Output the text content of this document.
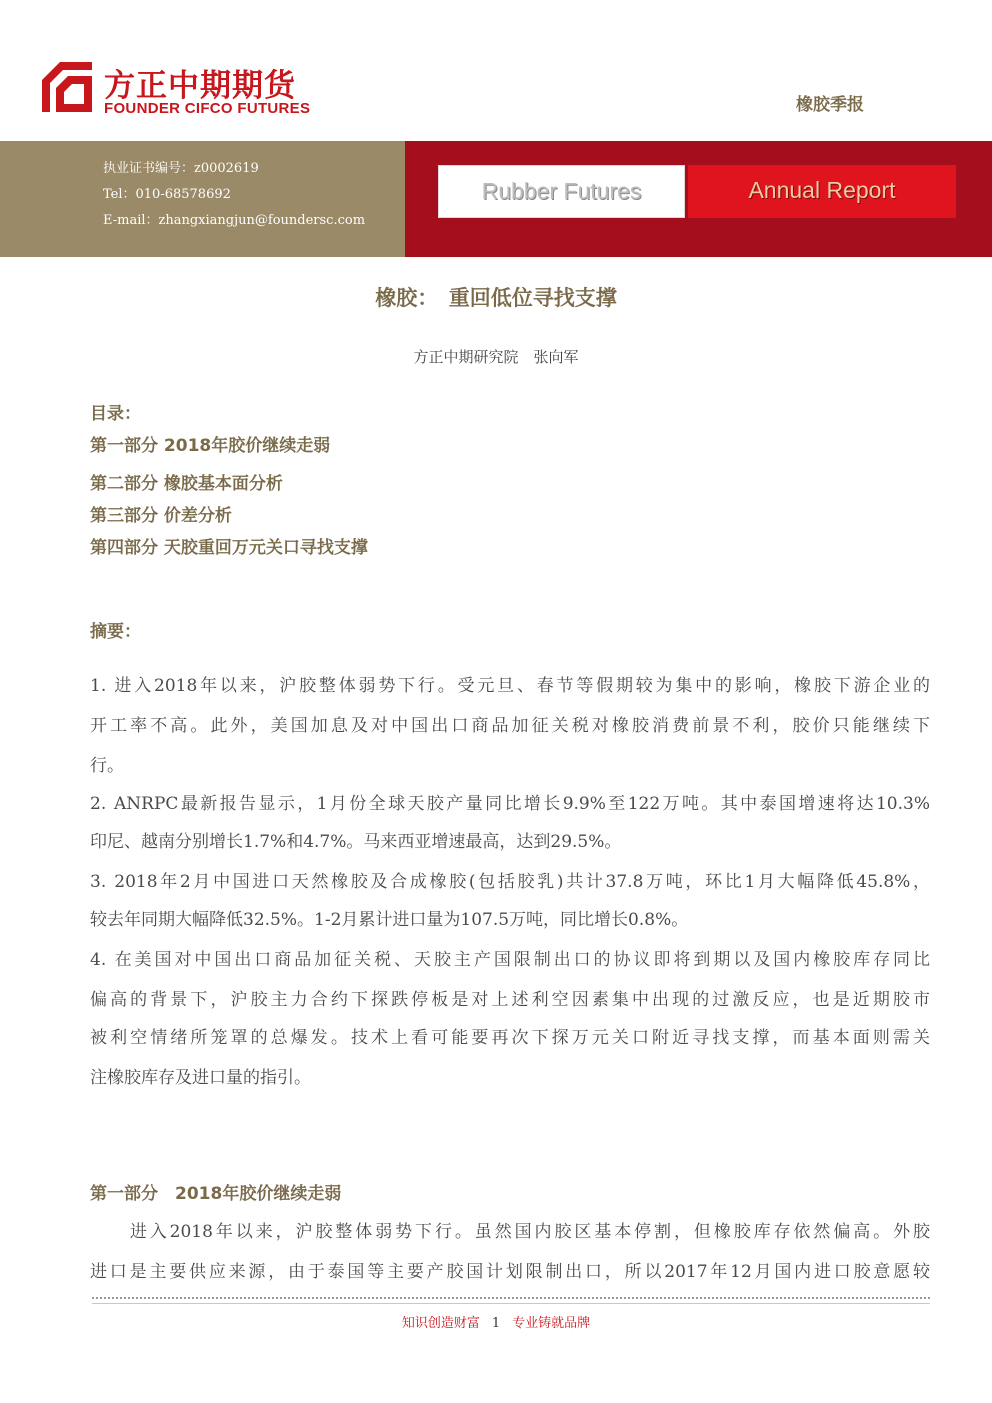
方正中期期货
FOUNDER CIFCO FUTURES	橡胶季报
执业证书编号：z0002619
Tel：010-68578692
E-mail：zhangxiangjun@foundersc.com
Rubber Futures	Annual Report
橡胶：　重回低位寻找支撑
方正中期研究院　张向军
目录：
第一部分 2018年胶价继续走弱
第二部分 橡胶基本面分析
第三部分 价差分析
第四部分 天胶重回万元关口寻找支撑
摘要：
1. 进入2018年以来，沪胶整体弱势下行。受元旦、春节等假期较为集中的影响，橡胶下游企业的
开工率不高。此外，美国加息及对中国出口商品加征关税对橡胶消费前景不利，胶价只能继续下
行。
2. ANRPC最新报告显示，1月份全球天胶产量同比增长9.9%至122万吨。其中泰国增速将达10.3%
印尼、越南分别增长1.7%和4.7%。马来西亚增速最高，达到29.5%。
3. 2018年2月中国进口天然橡胶及合成橡胶(包括胶乳)共计37.8万吨，环比1月大幅降低45.8%，
较去年同期大幅降低32.5%。1-2月累计进口量为107.5万吨，同比增长0.8%。
4. 在美国对中国出口商品加征关税、天胶主产国限制出口的协议即将到期以及国内橡胶库存同比
偏高的背景下，沪胶主力合约下探跌停板是对上述利空因素集中出现的过激反应，也是近期胶市
被利空情绪所笼罩的总爆发。技术上看可能要再次下探万元关口附近寻找支撑，而基本面则需关
注橡胶库存及进口量的指引。
第一部分　2018年胶价继续走弱
　　进入2018年以来，沪胶整体弱势下行。虽然国内胶区基本停割，但橡胶库存依然偏高。外胶
进口是主要供应来源，由于泰国等主要产胶国计划限制出口，所以2017年12月国内进口胶意愿较
知识创造财富 1 专业铸就品牌
